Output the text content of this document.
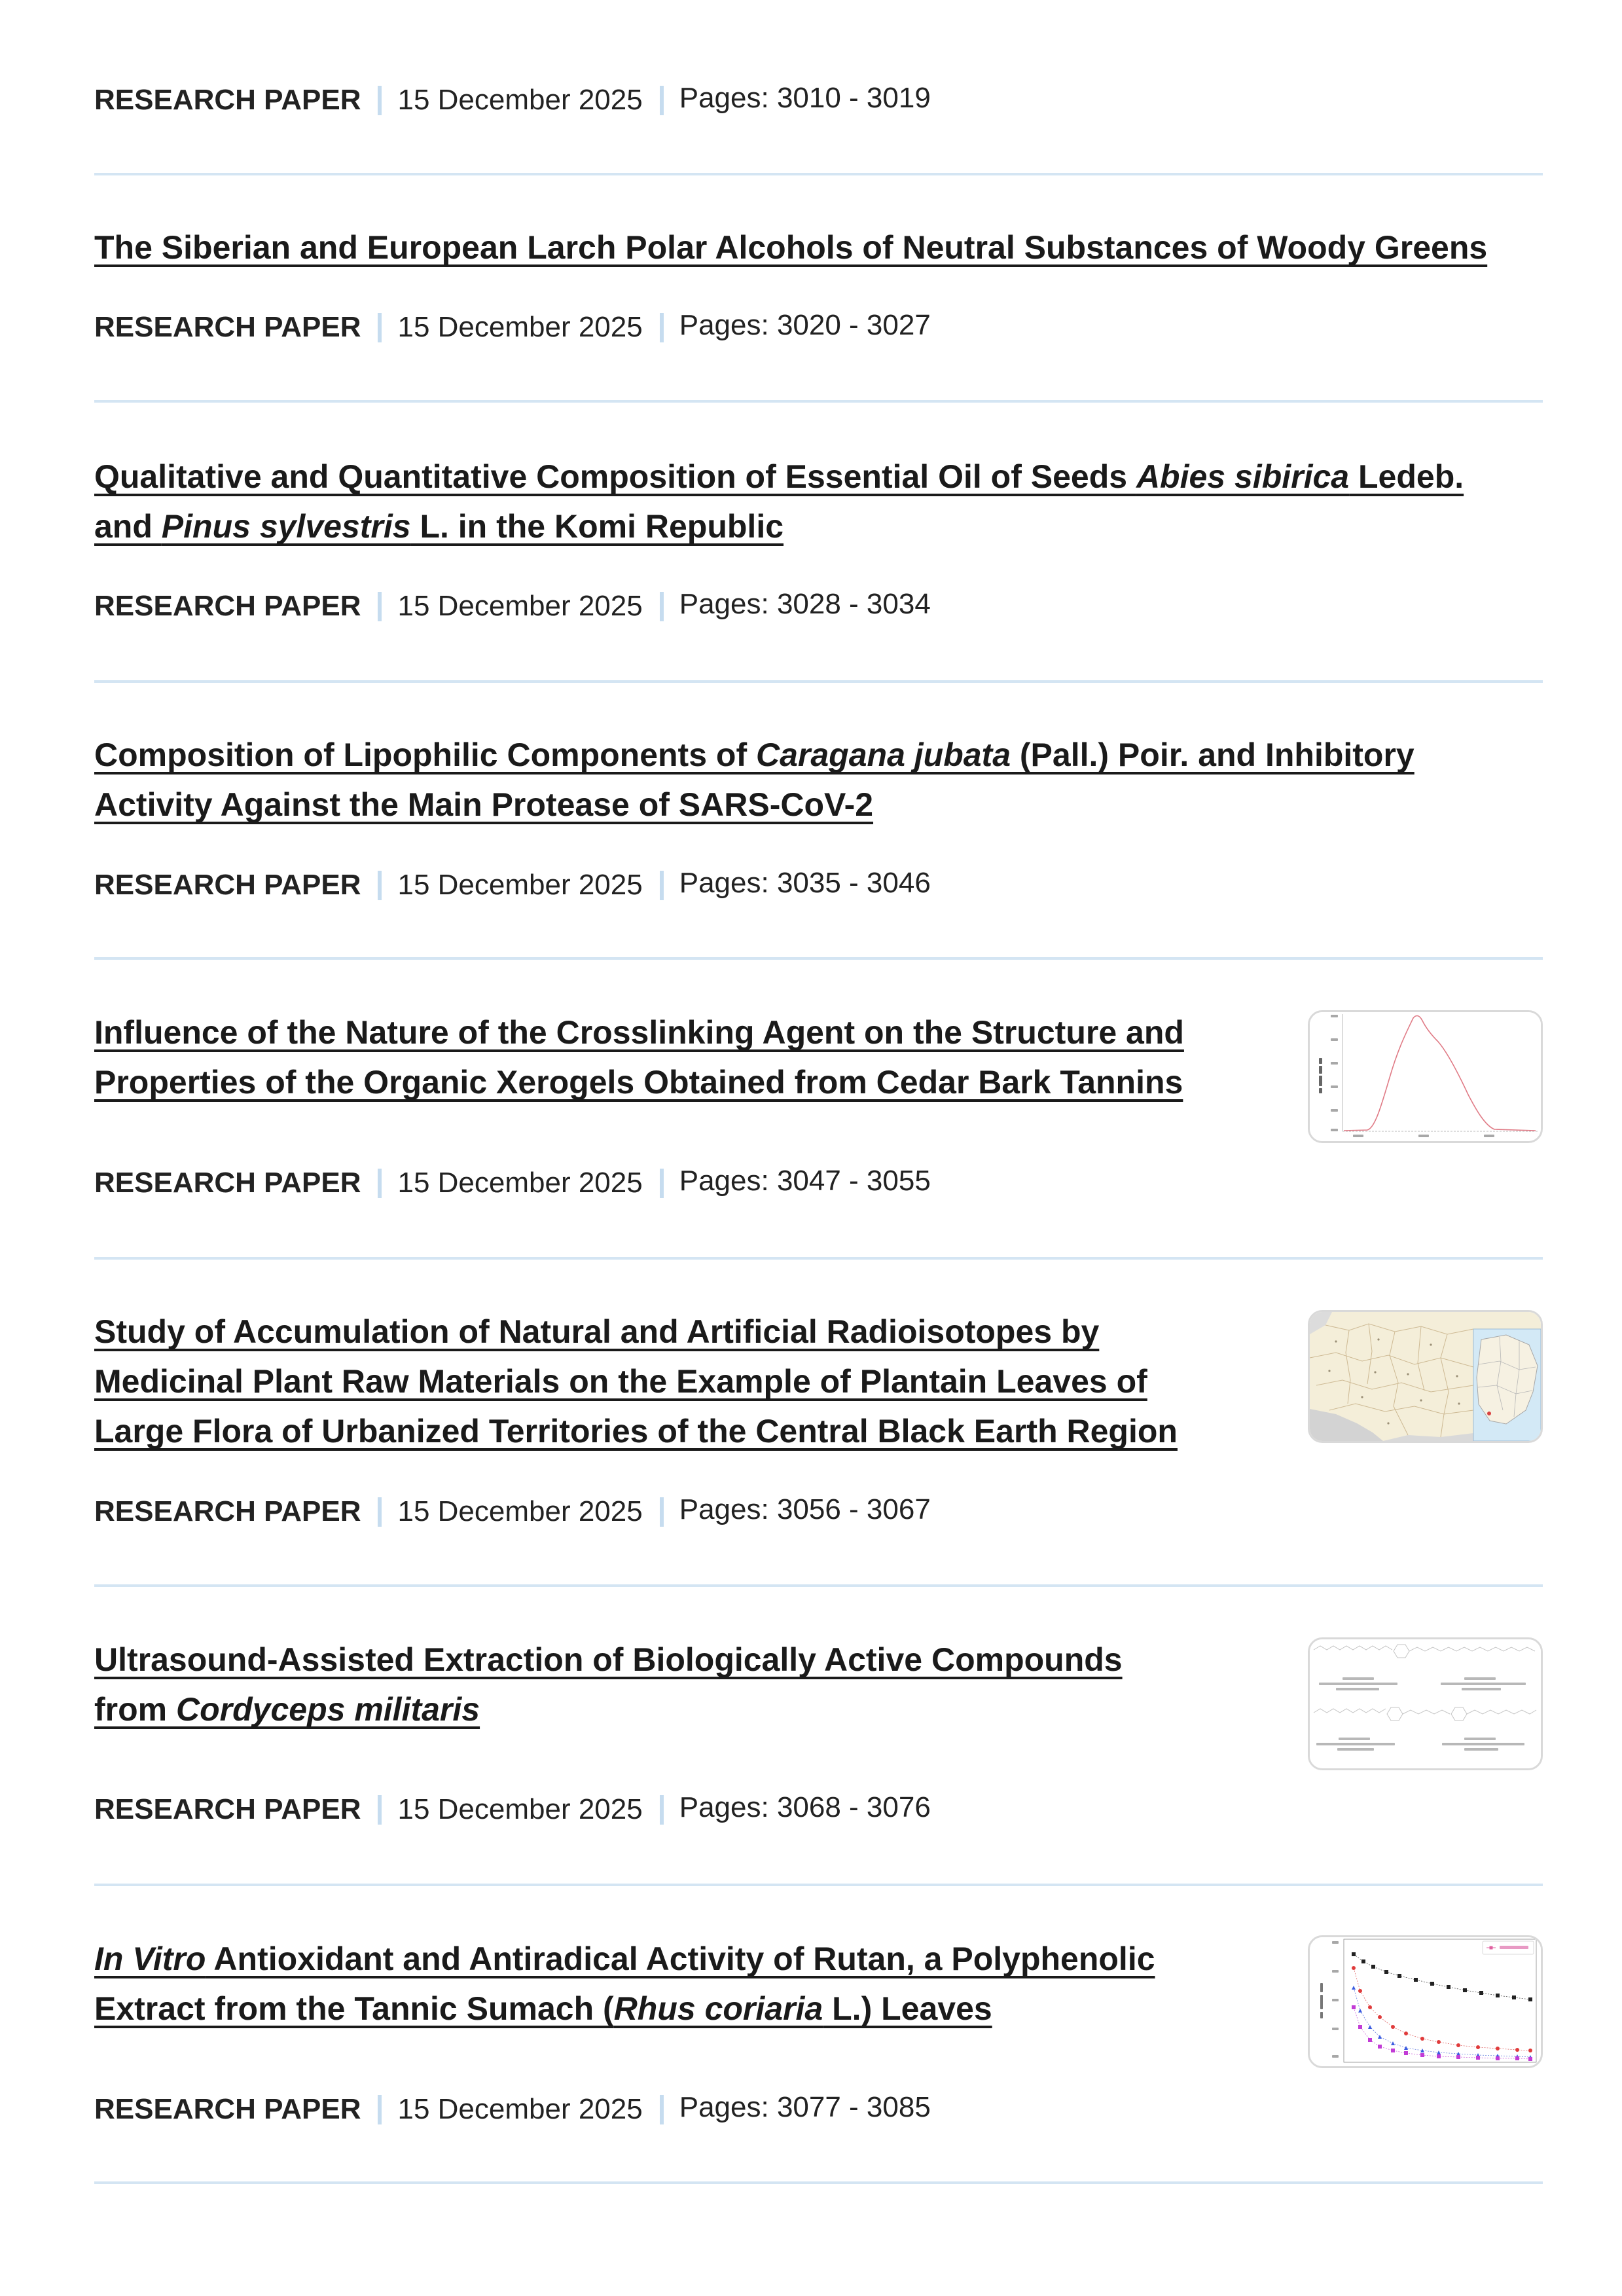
RESEARCH PAPER 15 December 2025 Pages: 3010 - 3019
The Siberian and European Larch Polar Alcohols of Neutral Substances of Woody Greens
RESEARCH PAPER 15 December 2025 Pages: 3020 - 3027
Qualitative and Quantitative Composition of Essential Oil of Seeds Abies sibirica Ledeb.
and Pinus sylvestris L. in the Komi Republic
RESEARCH PAPER 15 December 2025 Pages: 3028 - 3034
Composition of Lipophilic Components of Caragana jubata (Pall.) Poir. and Inhibitory
Activity Against the Main Protease of SARS-CoV-2
RESEARCH PAPER 15 December 2025 Pages: 3035 - 3046
Influence of the Nature of the Crosslinking Agent on the Structure and
Properties of the Organic Xerogels Obtained from Cedar Bark Tannins
RESEARCH PAPER 15 December 2025 Pages: 3047 - 3055
Study of Accumulation of Natural and Artificial Radioisotopes by
Medicinal Plant Raw Materials on the Example of Plantain Leaves of
Large Flora of Urbanized Territories of the Central Black Earth Region
RESEARCH PAPER 15 December 2025 Pages: 3056 - 3067
Ultrasound-Assisted Extraction of Biologically Active Compounds
from Cordyceps militaris
RESEARCH PAPER 15 December 2025 Pages: 3068 - 3076
In Vitro Antioxidant and Antiradical Activity of Rutan, a Polyphenolic
Extract from the Tannic Sumach (Rhus coriaria L.) Leaves
RESEARCH PAPER 15 December 2025 Pages: 3077 - 3085
